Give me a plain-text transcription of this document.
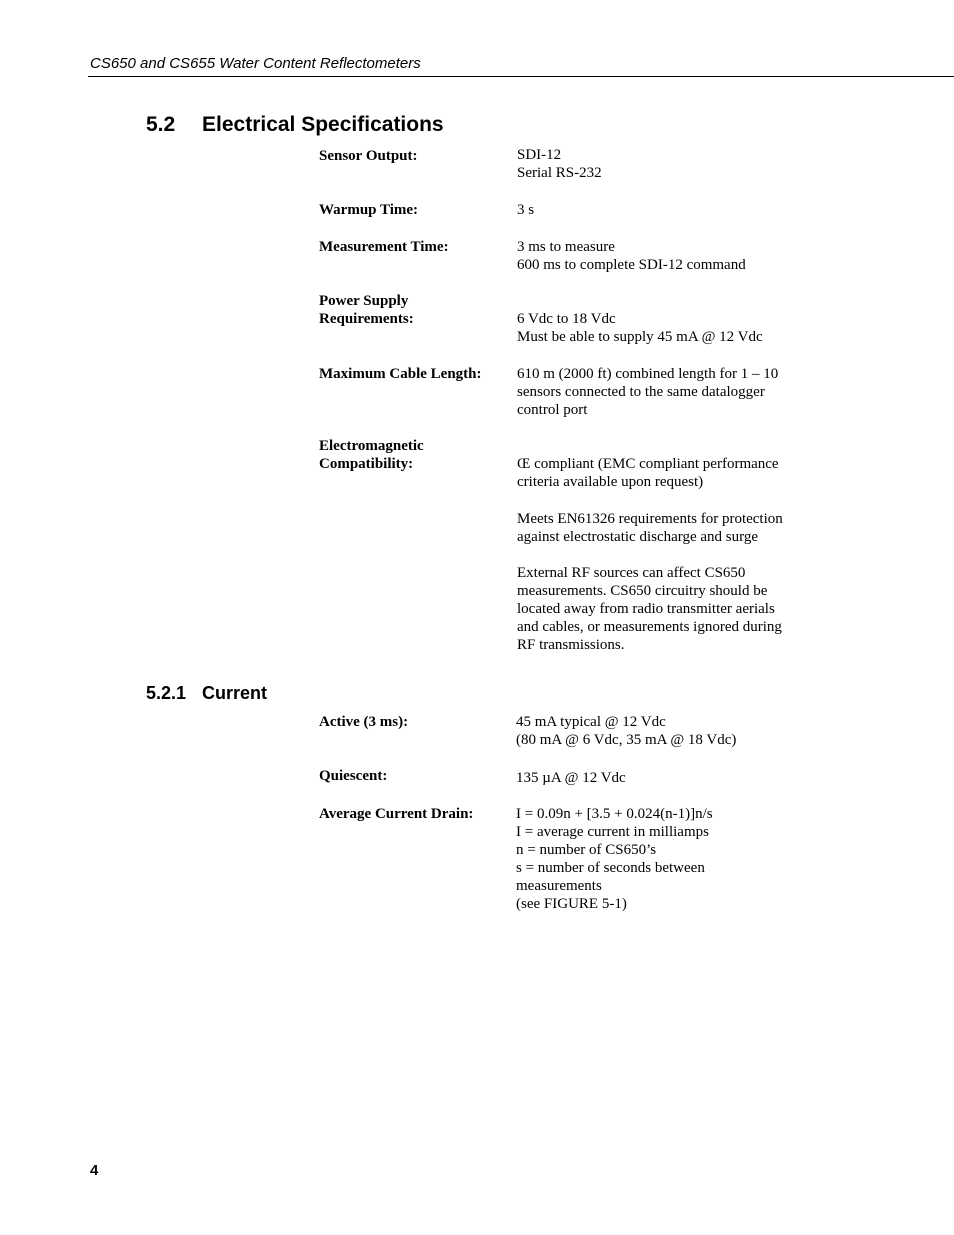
CS650 and CS655 Water Content Reflectometers
5.2 Electrical Specifications
Sensor Output:	SDI-12
Serial RS-232
Warmup Time:	3 s
Measurement Time:	3 ms to measure
600 ms to complete SDI-12 command
Power Supply
Requirements:	6 Vdc to 18 Vdc
Must be able to supply 45 mA @ 12 Vdc
Maximum Cable Length: 610 m (2000 ft) combined length for 1 – 10
sensors connected to the same datalogger
control port
Electromagnetic
Compatibility:	Œ compliant (EMC compliant performance
criteria available upon request)
Meets EN61326 requirements for protection
against electrostatic discharge and surge
External RF sources can affect CS650
measurements. CS650 circuitry should be
located away from radio transmitter aerials
and cables, or measurements ignored during
RF transmissions.
5.2.1 Current
Active (3 ms):	45 mA typical @ 12 Vdc
(80 mA @ 6 Vdc, 35 mA @ 18 Vdc)
Quiescent:	135 µA @ 12 Vdc
Average Current Drain:	I = 0.09n + [3.5 + 0.024(n-1)]n/s
I = average current in milliamps
n = number of CS650’s
s = number of seconds between
measurements
(see FIGURE 5-1)
4
